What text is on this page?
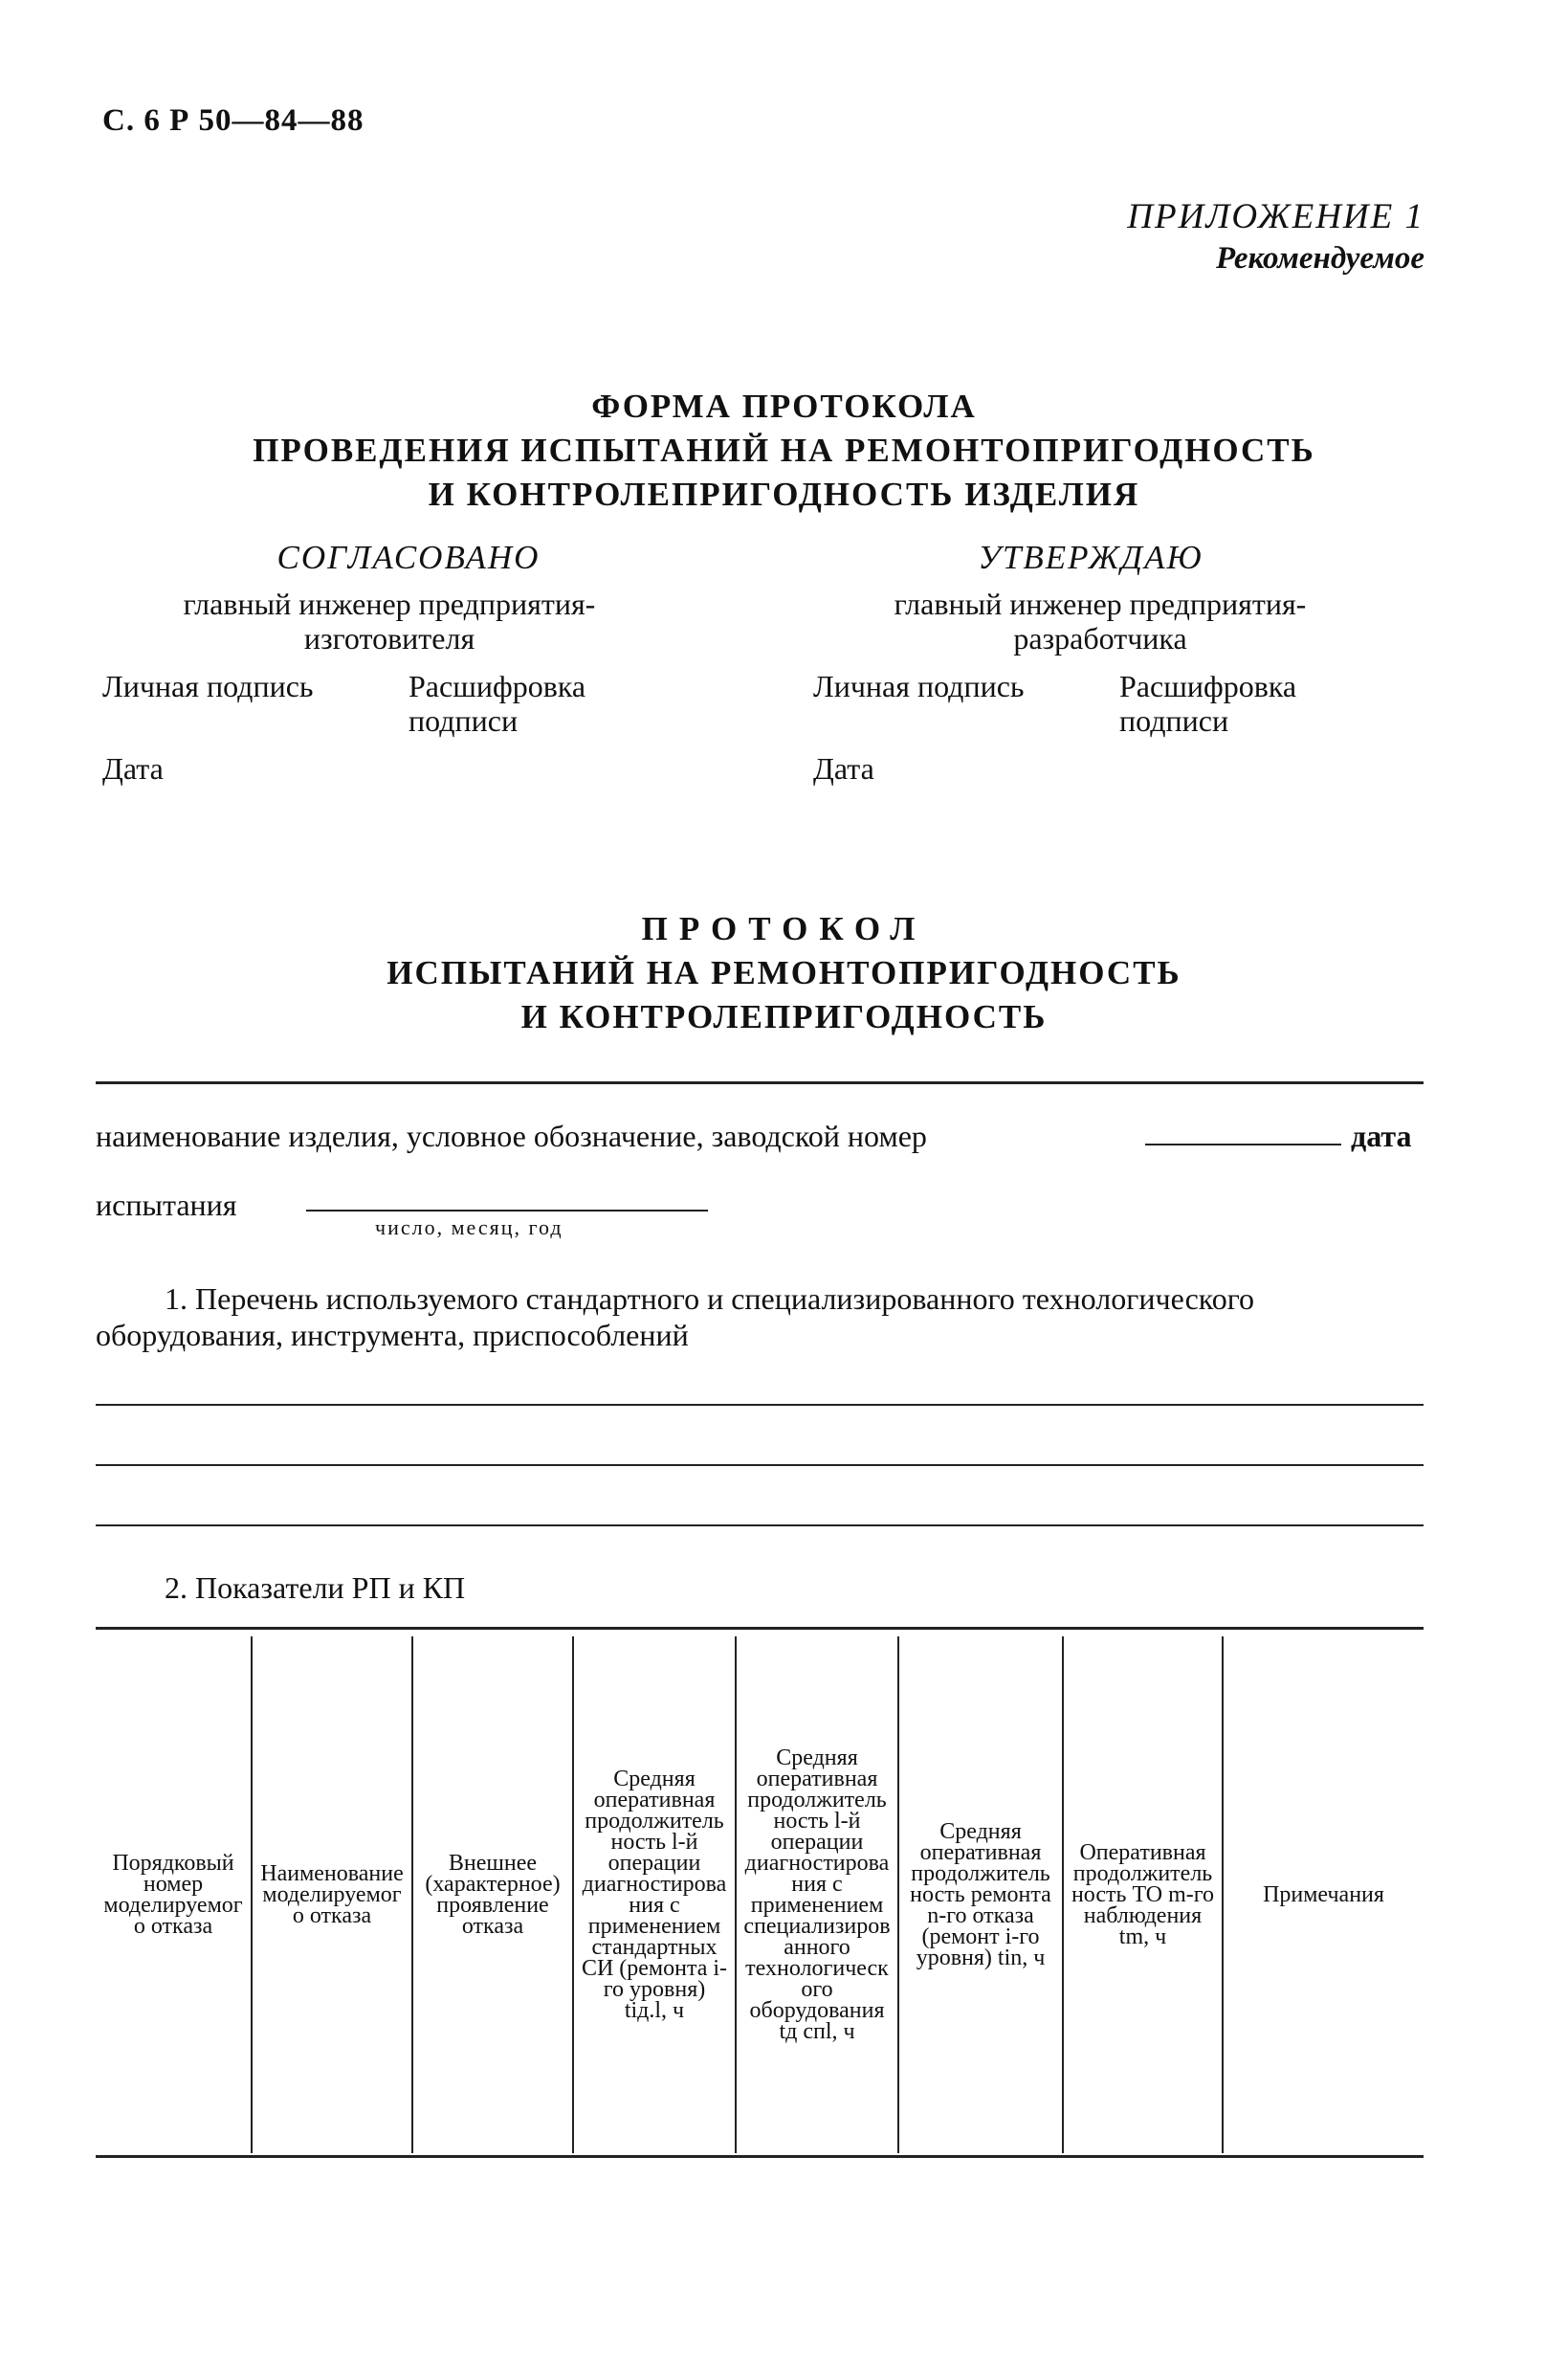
С. 6 Р 50—84—88
ПРИЛОЖЕНИЕ 1
Рекомендуемое
ФОРМА ПРОТОКОЛА
ПРОВЕДЕНИЯ ИСПЫТАНИЙ НА РЕМОНТОПРИГОДНОСТЬ
И КОНТРОЛЕПРИГОДНОСТЬ ИЗДЕЛИЯ
СОГЛАСОВАНО
главный инженер предприятия-
изготовителя
Личная подпись	Расшифровка подписи
Дата
УТВЕРЖДАЮ
главный инженер предприятия-
разработчика
Личная подпись	Расшифровка подписи
Дата
ПРОТОКОЛ
ИСПЫТАНИЙ НА РЕМОНТОПРИГОДНОСТЬ
И КОНТРОЛЕПРИГОДНОСТЬ
наименование изделия, условное обозначение, заводской номер	дата
испытания
число, месяц, год
1. Перечень используемого стандартного и специализированного технологического оборудования, инструмента, приспособлений
2. Показатели РП и КП
Порядковый номер моделируемого отказа	Наименование моделируемого отказа	Внешнее (характерное) проявление отказа	Средняя оперативная продолжительность l-й операции диагностирования с применением стандартных СИ (ремонта i-го уровня) tiд.l, ч	Средняя оперативная продолжительность l-й операции диагностирования с применением специализированного технологического оборудования tд спl, ч	Средняя оперативная продолжительность ремонта n-го отказа (ремонт i-го уровня) tin, ч	Оперативная продолжительность ТО m-го наблюдения tm, ч	Примечания
